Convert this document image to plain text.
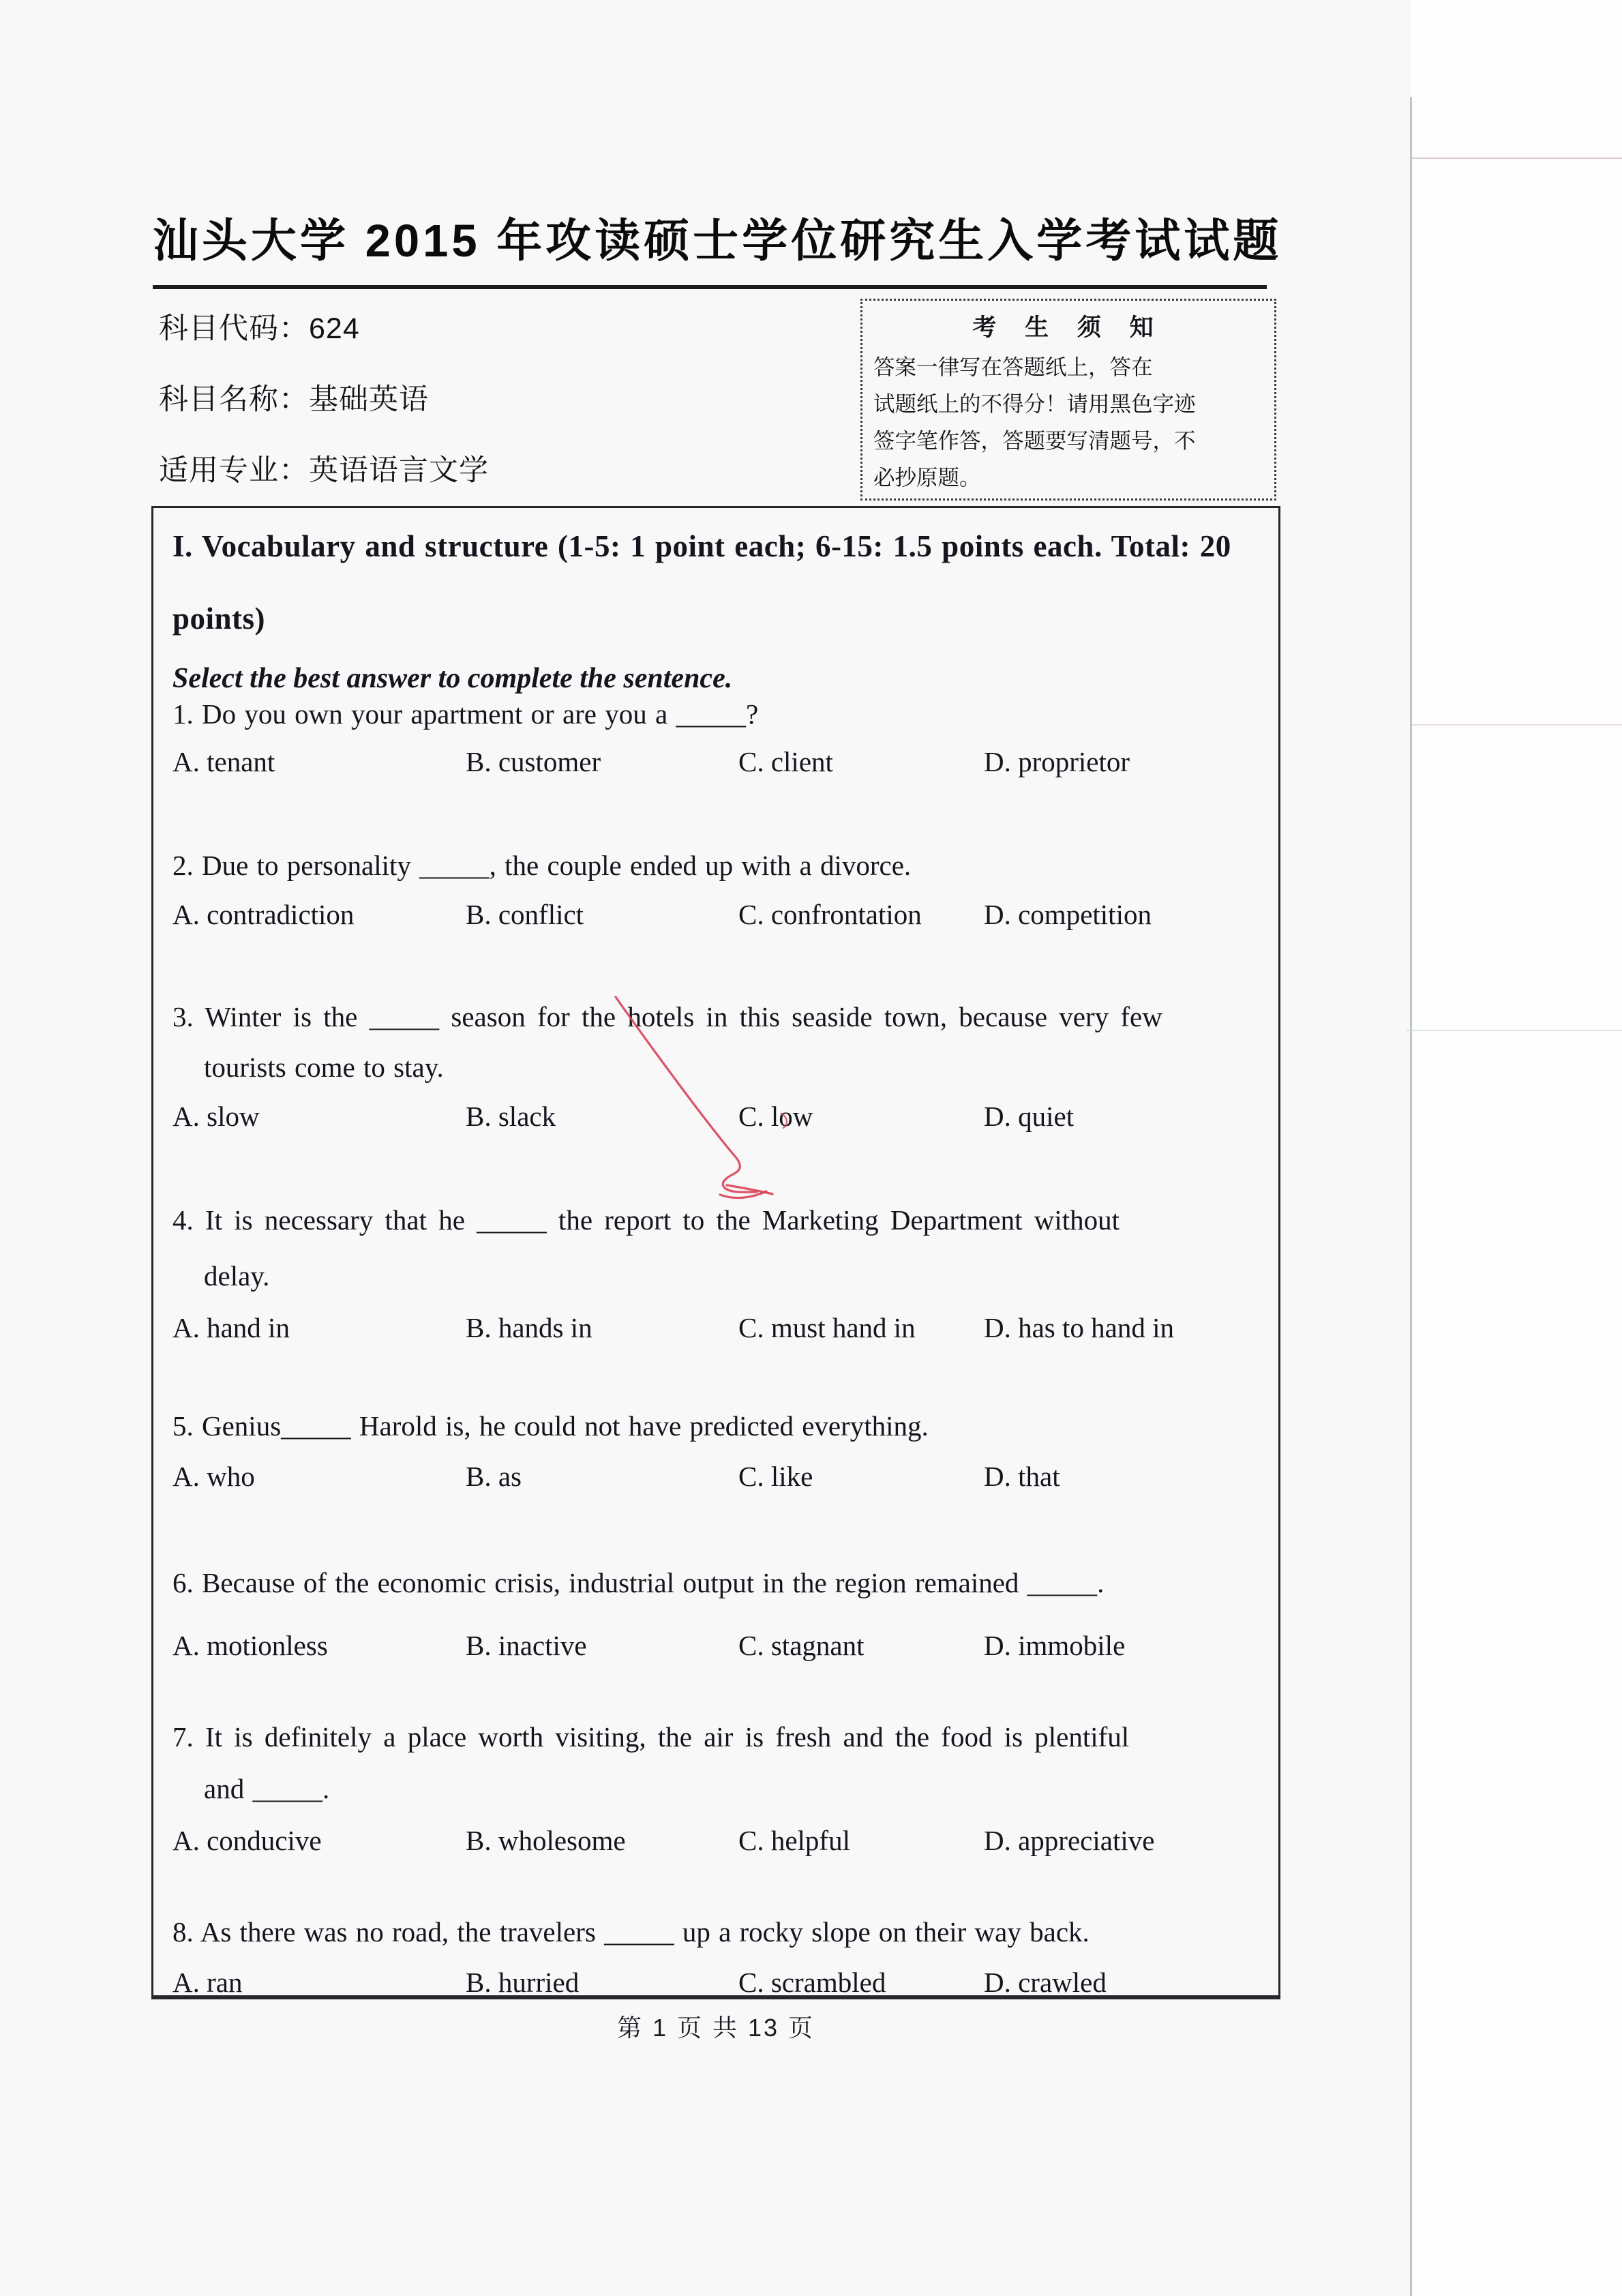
汕头大学 2015 年攻读硕士学位研究生入学考试试题
科目代码：624
科目名称：基础英语
适用专业：英语语言文学
考 生 须 知
答案一律写在答题纸上，答在
试题纸上的不得分！请用黑色字迹
签字笔作答，答题要写清题号，不
必抄原题。
I. Vocabulary and structure (1-5: 1 point each; 6-15: 1.5 points each. Total: 20
points)
Select the best answer to complete the sentence.
1. Do you own your apartment or are you a _____?
A. tenant	B. customer	C. client	D. proprietor
2. Due to personality _____, the couple ended up with a divorce.
A. contradiction	B. conflict	C. confrontation D. competition
3. Winter is the _____ season for the hotels in this seaside town, because very few
tourists come to stay.
A. slow	B. slack	C. low	D. quiet
4. It is necessary that he _____ the report to the Marketing Department without
delay.
A. hand in	B. hands in	C. must hand in D. has to hand in
5. Genius_____ Harold is, he could not have predicted everything.
A. who	B. as	C. like	D. that
6. Because of the economic crisis, industrial output in the region remained _____.
A. motionless	B. inactive	C. stagnant	D. immobile
7. It is definitely a place worth visiting, the air is fresh and the food is plentiful
and _____.
A. conducive	B. wholesome	C. helpful	D. appreciative
8. As there was no road, the travelers _____ up a rocky slope on their way back.
A. ran	B. hurried	C. scrambled	D. crawled
第 1 页 共 13 页
